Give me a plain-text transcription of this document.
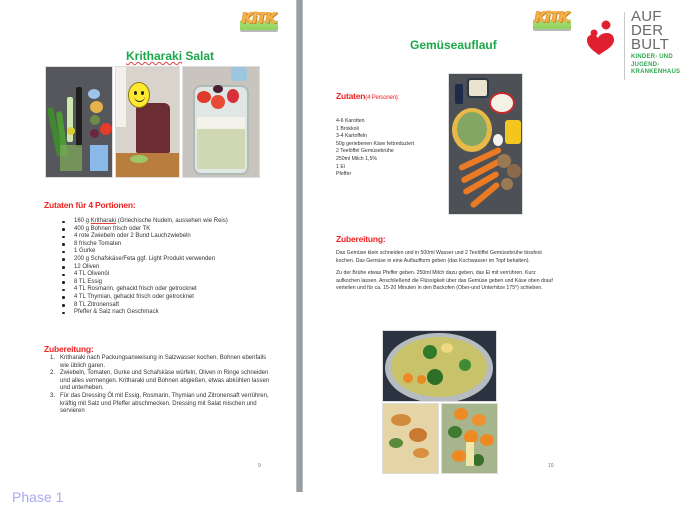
KiTK
Kritharaki Salat
Zutaten für 4 Portionen:
160 g Kritharaki (Griechische Nudeln, aussehen wie Reis)
400 g Bohnen frisch oder TK
4 rote Zwiebeln oder 2 Bund Lauchzwiebeln
8 frische Tomaten
1 Gurke
200 g Schafskäse/Feta ggf. Light Produkt verwenden
12 Oliven
4 TL Olivenöl
8 TL Essig
4 TL Rosmarin, gehackt frisch oder getrocknet
4 TL Thymian, gehackt frisch oder getrocknet
8 TL Zitronensaft
Pfeffer & Salz nach Geschmack
Zubereitung:
1. Kritharaki nach Packungsanweisung in Salzwasser kochen. Bohnen ebenfalls wie üblich garen.
2. Zwiebeln, Tomaten, Gurke und Schafskäse würfeln, Oliven in Ringe schneiden und alles vermengen. Kritharaki und Bohnen abgießen, etwas abkühlen lassen und unterheben.
3. Für das Dressing Öl mit Essig, Rosmarin, Thymian und Zitronensaft verrühren, kräftig mit Salz und Pfeffer abschmecken. Dressing mit Salat mischen und servieren
9
KiTK	AUF
DER
BULT
KINDER- UND
JUGEND-
KRANKENHAUS
Gemüseauflauf
Zutaten(4 Personen):
4-6 Karotten
1 Brokkoli
3-4 Kartoffeln
50g geriebenen Käse fettreduziert
2 Teelöffel Gemüsebrühe
250ml Milch 1,5%
1 Ei
Pfeffer
Zubereitung:

Das Gemüse klein schneiden und in 500ml Wasser und 2 Teelöffel Gemüsebrühe bissfest kochen. Das Gemüse in eine Auflaufform geben (das Kochwasser im Topf behalten).

Zu der Brühe etwas Pfeffer geben. 250ml Milch dazu geben, das Ei mit verrühren. Kurz aufkochen lassen. Anschließend die Flüssigkeit über das Gemüse geben und Käse oben drauf verteilen und für ca. 15-20 Minuten in den Backofen (Ober-und Unterhitze 175°) schieben.

10
Phase 1
